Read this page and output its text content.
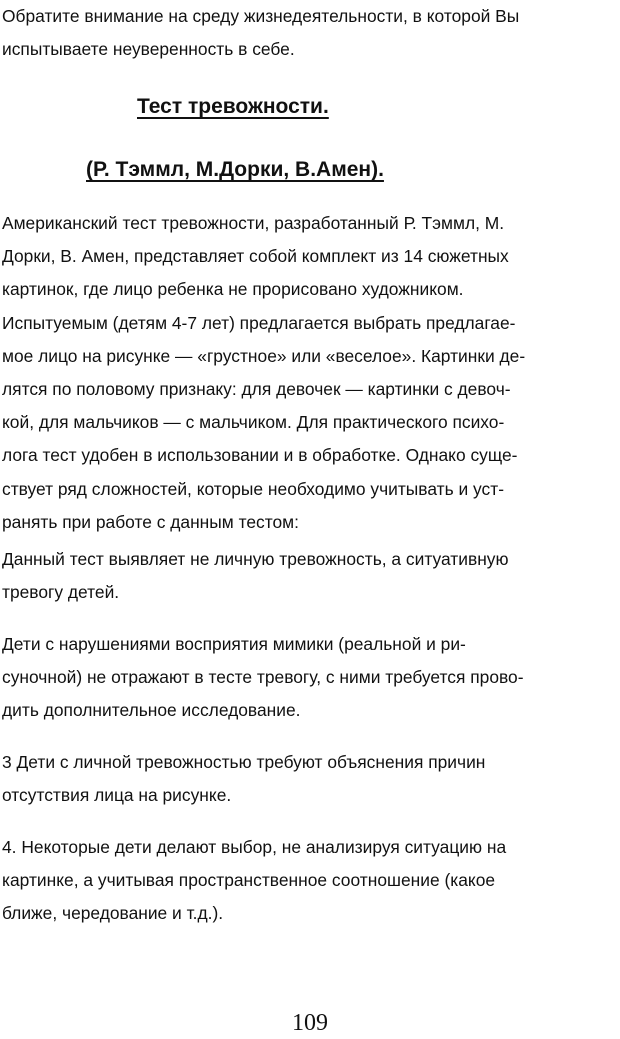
Обратите внимание на среду жизнедеятельности, в которой Вы
испытываете неуверенность в себе.

Тест тревожности.
(Р. Тэммл, М.Дорки, В.Амен).

Американский тест тревожности, разработанный Р. Тэммл, М.
Дорки, В. Амен, представляет собой комплект из 14 сюжетных
картинок, где лицо ребенка не прорисовано художником.
Испытуемым (детям 4-7 лет) предлагается выбрать предлагае-
мое лицо на рисунке — «грустное» или «веселое». Картинки де-
лятся по половому признаку: для девочек — картинки с девоч-
кой, для мальчиков — с мальчиком. Для практического психо-
лога тест удобен в использовании и в обработке. Однако суще-
ствует ряд сложностей, которые необходимо учитывать и уст-
ранять при работе с данным тестом:

Данный тест выявляет не личную тревожность, а ситуативную
тревогу детей.

Дети с нарушениями восприятия мимики (реальной и ри-
суночной) не отражают в тесте тревогу, с ними требуется прово-
дить дополнительное исследование.

3 Дети с личной тревожностью требуют объяснения причин
отсутствия лица на рисунке.

4. Некоторые дети делают выбор, не анализируя ситуацию на
картинке, а учитывая пространственное соотношение (какое
ближе, чередование и т.д.).

109
